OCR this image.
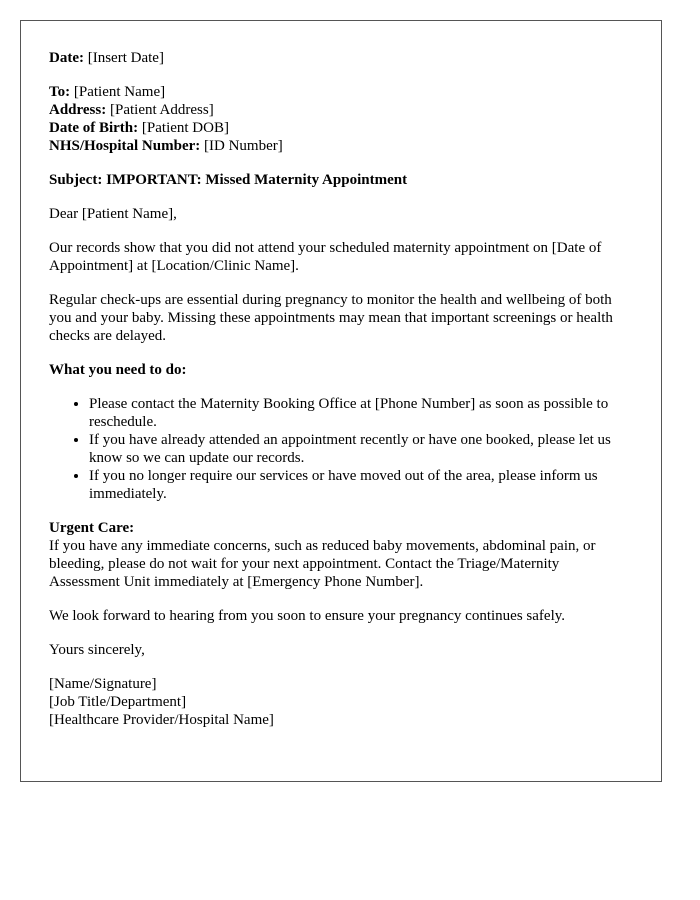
Date: [Insert Date]

To: [Patient Name]
Address: [Patient Address]
Date of Birth: [Patient DOB]
NHS/Hospital Number: [ID Number]

Subject: IMPORTANT: Missed Maternity Appointment

Dear [Patient Name],

Our records show that you did not attend your scheduled maternity appointment on [Date of Appointment] at [Location/Clinic Name].

Regular check-ups are essential during pregnancy to monitor the health and wellbeing of both you and your baby. Missing these appointments may mean that important screenings or health checks are delayed.

What you need to do:

• Please contact the Maternity Booking Office at [Phone Number] as soon as possible to reschedule.
• If you have already attended an appointment recently or have one booked, please let us know so we can update our records.
• If you no longer require our services or have moved out of the area, please inform us immediately.

Urgent Care:
If you have any immediate concerns, such as reduced baby movements, abdominal pain, or bleeding, please do not wait for your next appointment. Contact the Triage/Maternity Assessment Unit immediately at [Emergency Phone Number].

We look forward to hearing from you soon to ensure your pregnancy continues safely.

Yours sincerely,

[Name/Signature]
[Job Title/Department]
[Healthcare Provider/Hospital Name]
